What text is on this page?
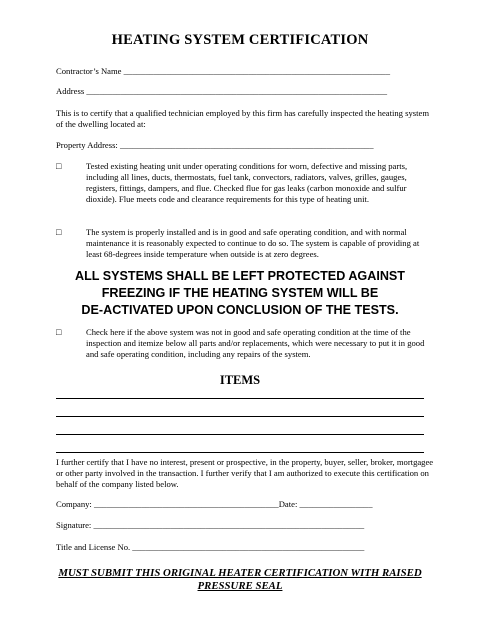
HEATING SYSTEM CERTIFICATION

Contractor’s Name ______________________________________________________________

Address ______________________________________________________________________

This is to certify that a qualified technician employed by this firm has carefully inspected the heating system of the dwelling located at:

Property Address: ___________________________________________________________

□	Tested existing heating unit under operating conditions for worn, defective and missing parts, including all lines, ducts, thermostats, fuel tank, convectors, radiators, valves, grilles, gauges, registers, fittings, dampers, and flue. Checked flue for gas leaks (carbon monoxide and sulfur dioxide). Flue meets code and clearance requirements for this type of heating unit.

□	The system is properly installed and is in good and safe operating condition, and with normal maintenance it is reasonably expected to continue to do so. The system is capable of providing at least 68-degrees inside temperature when outside is at zero degrees.

ALL SYSTEMS SHALL BE LEFT PROTECTED AGAINST
FREEZING IF THE HEATING SYSTEM WILL BE
DE-ACTIVATED UPON CONCLUSION OF THE TESTS.
□	Check here if the above system was not in good and safe operating condition at the time of the inspection and itemize below all parts and/or replacements, which were necessary to put it in good and safe operating condition, including any repairs of the system.

ITEMS

I further certify that I have no interest, present or prospective, in the property, buyer, seller, broker, mortgagee or other party involved in the transaction. I further verify that I am authorized to execute this certification on behalf of the company listed below.

Company: ___________________________________________Date: _________________

Signature: _______________________________________________________________

Title and License No. ______________________________________________________

MUST SUBMIT THIS ORIGINAL HEATER CERTIFICATION WITH RAISED
PRESSURE SEAL
